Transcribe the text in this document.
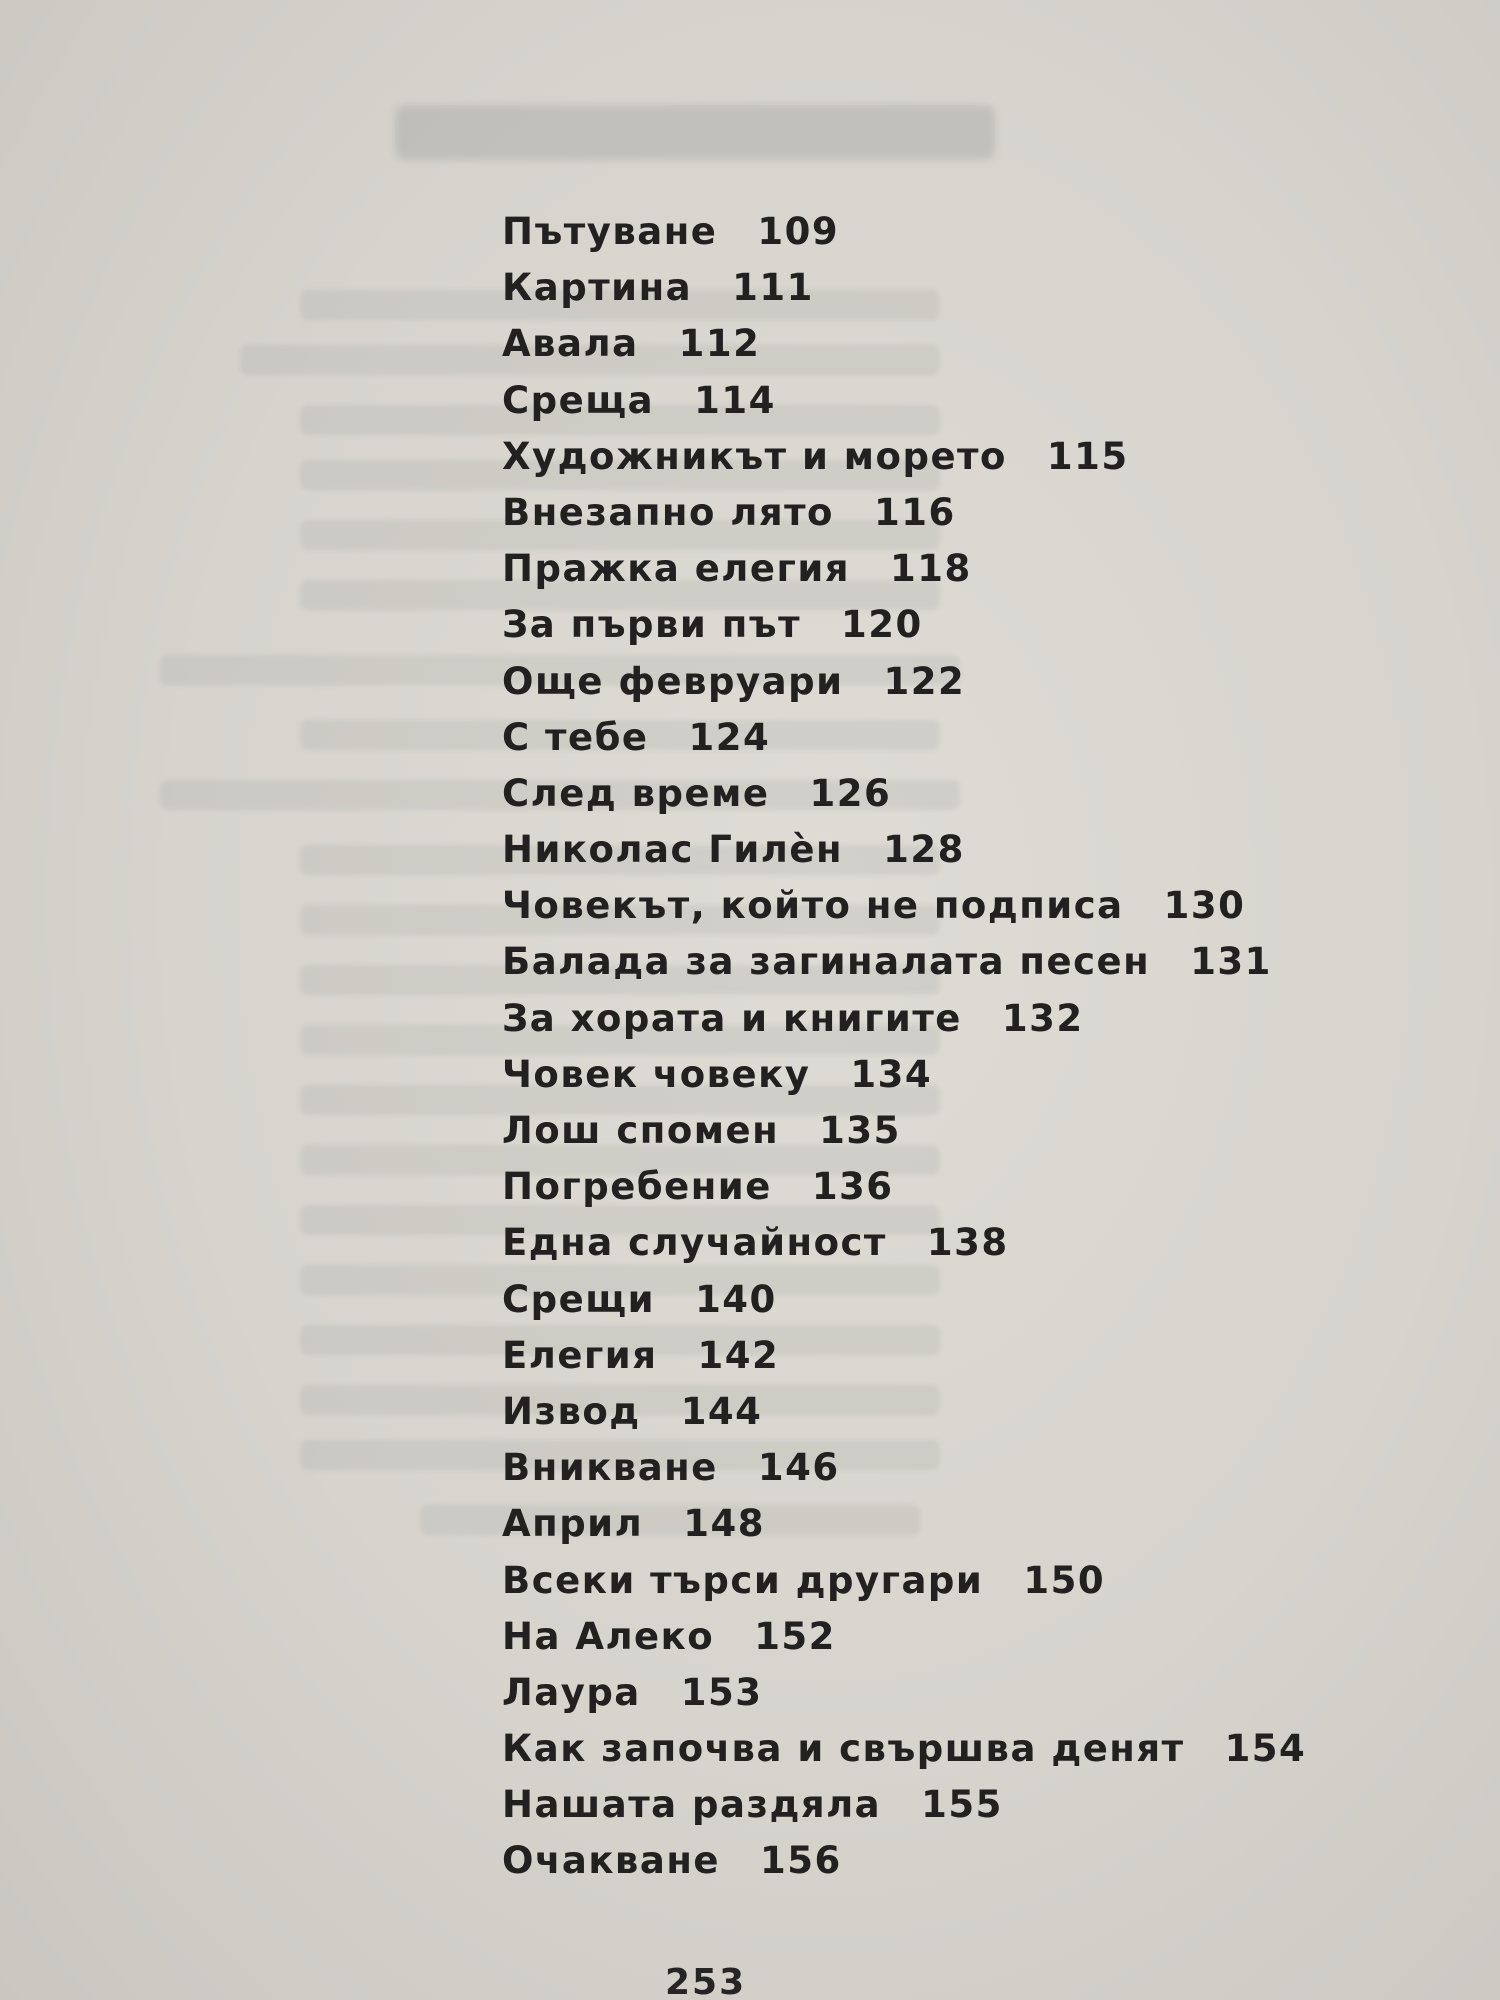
Пътуване 109
Картина 111
Авала 112
Среща 114
Художникът и морето 115
Внезапно лято 116
Пражка елегия 118
За първи път 120
Още февруари 122
С тебе 124
След време 126
Николас Гилѐн 128
Човекът, който не подписа 130
Балада за загиналата песен 131
За хората и книгите 132
Човек човеку 134
Лош спомен 135
Погребение 136
Една случайност 138
Срещи 140
Елегия 142
Извод 144
Вникване 146
Април 148
Всеки търси другари 150
На Алеко 152
Лаура 153
Как започва и свършва денят 154
Нашата раздяла 155
Очакване 156
253
